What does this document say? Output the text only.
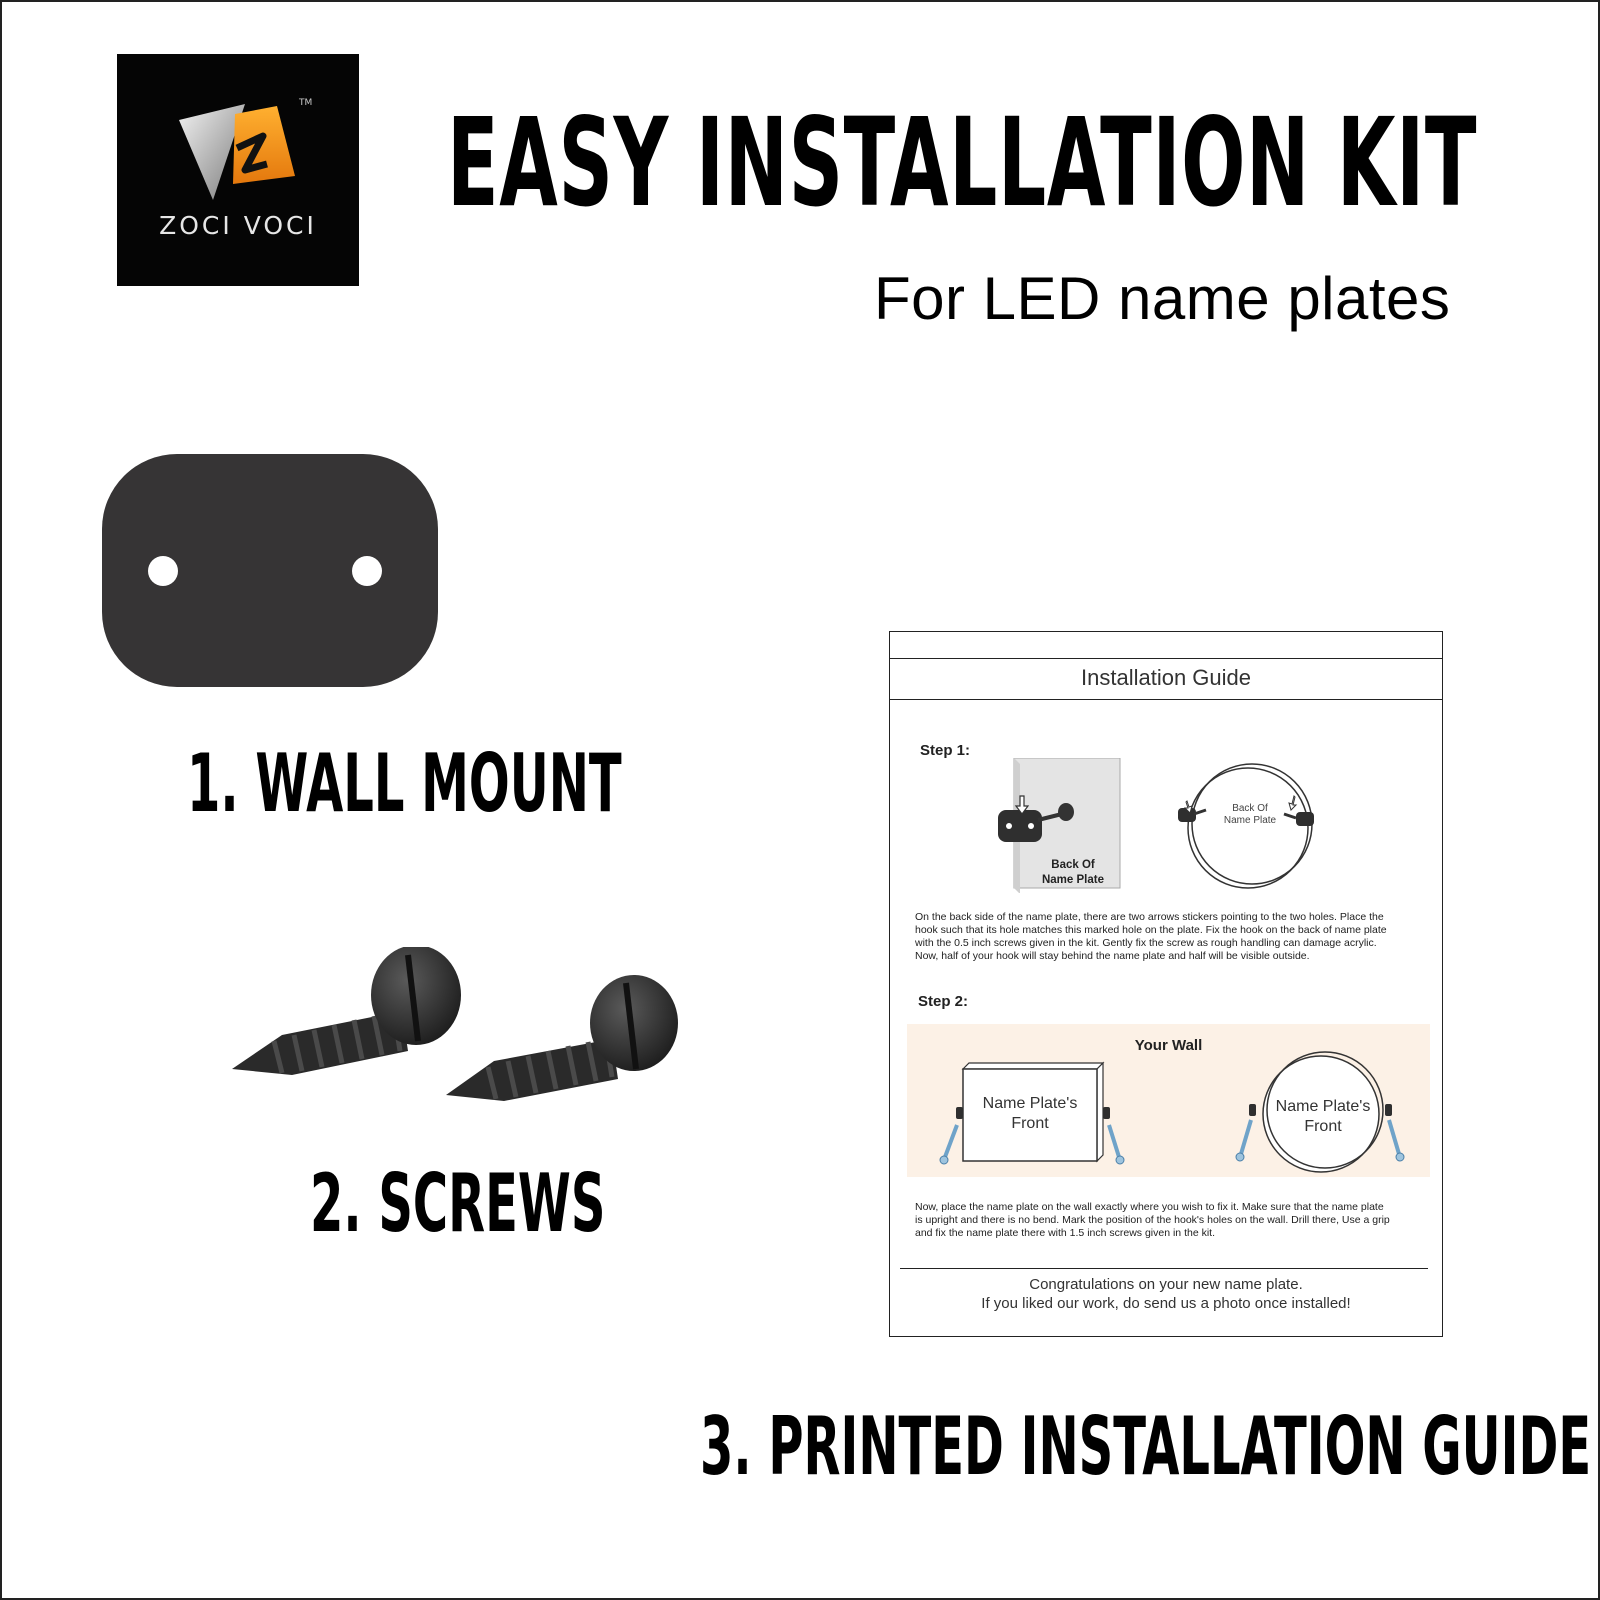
TM
ZOCI VOCI	EASY INSTALLATION KIT
For LED name plates
1. WALL MOUNT
2. SCREWS
Installation Guide
Step 1:
Back Of
Name Plate
Back Of
Name Plate
On the back side of the name plate, there are two arrows stickers pointing to the two holes. Place the
hook such that its hole matches this marked hole on the plate. Fix the hook on the back of name plate
with the 0.5 inch screws given in the kit. Gently fix the screw as rough handling can damage acrylic.
Now, half of your hook will stay behind the name plate and half will be visible outside.
Step 2:
Your Wall
Name Plate's
Front
Name Plate's
Front
Now, place the name plate on the wall exactly where you wish to fix it. Make sure that the name plate
is upright and there is no bend. Mark the position of the hook's holes on the wall. Drill there, Use a grip
and fix the name plate there with 1.5 inch screws given in the kit.
Congratulations on your new name plate.
If you liked our work, do send us a photo once installed!
3. PRINTED INSTALLATION GUIDE
